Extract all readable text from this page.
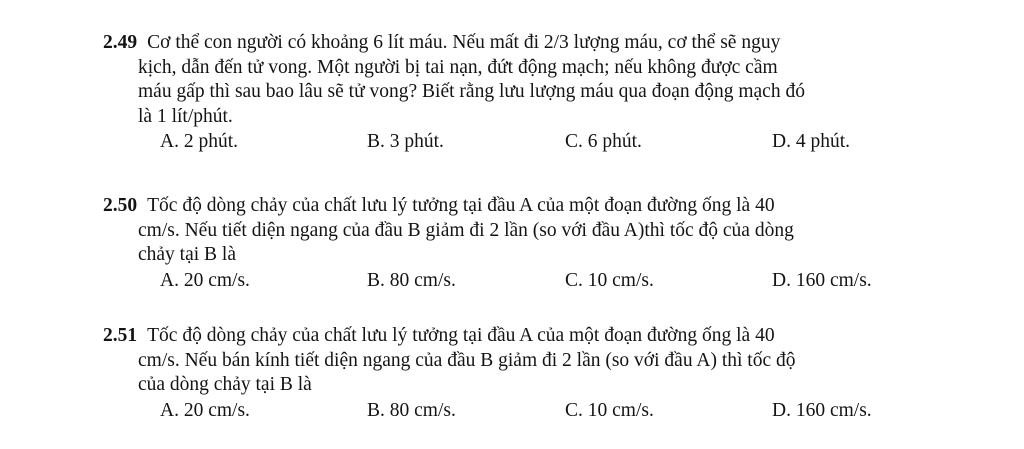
2.49 Cơ thể con người có khoảng 6 lít máu. Nếu mất đi 2/3 lượng máu, cơ thể sẽ nguy
kịch, dẫn đến tử vong. Một người bị tai nạn, đứt động mạch; nếu không được cầm
máu gấp thì sau bao lâu sẽ tử vong? Biết rằng lưu lượng máu qua đoạn động mạch đó
là 1 lít/phút.
A. 2 phút.	B. 3 phút.	C. 6 phút.	D. 4 phút.
2.50 Tốc độ dòng chảy của chất lưu lý tưởng tại đầu A của một đoạn đường ống là 40
cm/s. Nếu tiết diện ngang của đầu B giảm đi 2 lần (so với đầu A)thì tốc độ của dòng
chảy tại B là
A. 20 cm/s.	B. 80 cm/s.	C. 10 cm/s.	D. 160 cm/s.
2.51 Tốc độ dòng chảy của chất lưu lý tưởng tại đầu A của một đoạn đường ống là 40
cm/s. Nếu bán kính tiết diện ngang của đầu B giảm đi 2 lần (so với đầu A) thì tốc độ
của dòng chảy tại B là
A. 20 cm/s.	B. 80 cm/s.	C. 10 cm/s.	D. 160 cm/s.
